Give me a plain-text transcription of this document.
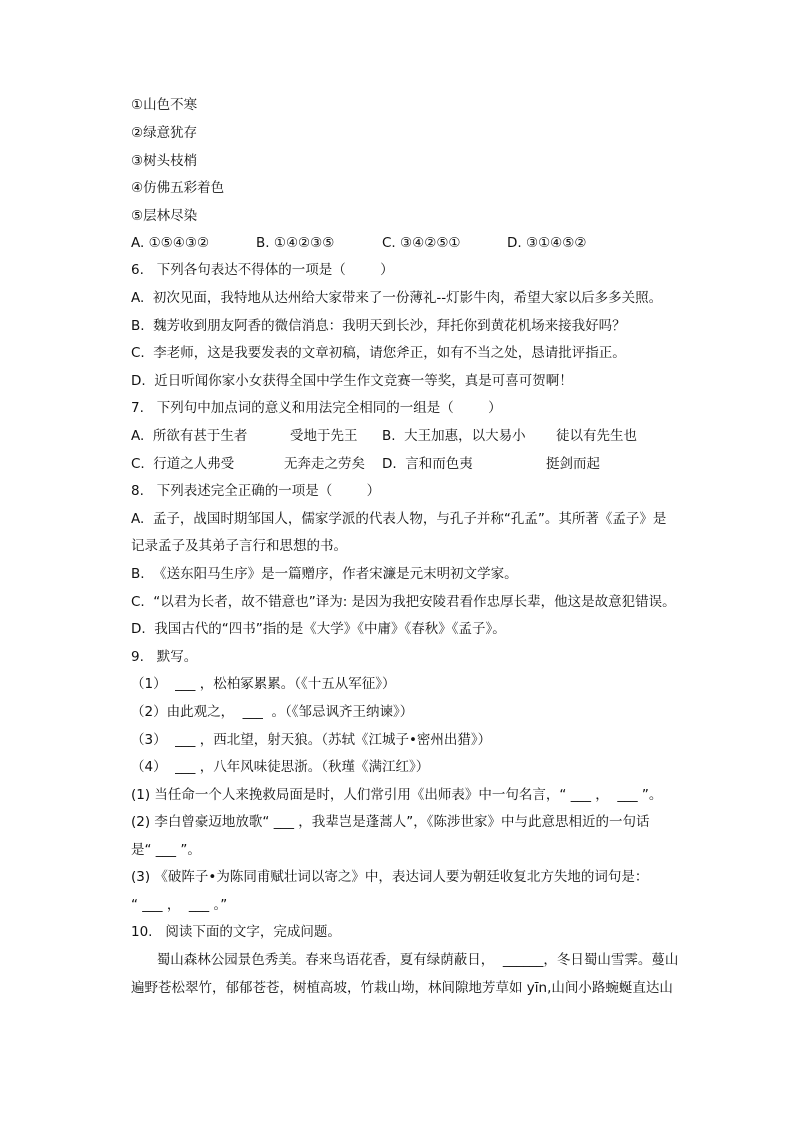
①山色不寒
②绿意犹存
③树头枝梢
④仿佛五彩着色
⑤层林尽染
A. ①⑤④③②	B. ①④②③⑤	C. ③④②⑤①	D. ③①④⑤②
6.   下列各句表达不得体的一项是（        ）
A.  初次见面，我特地从达州给大家带来了一份薄礼--灯影牛肉，希望大家以后多多关照。
B.  魏芳收到朋友阿香的微信消息：我明天到长沙，拜托你到黄花机场来接我好吗？
C.  李老师，这是我要发表的文章初稿，请您斧正，如有不当之处，恳请批评指正。
D.  近日听闻你家小女获得全国中学生作文竞赛一等奖，真是可喜可贺啊！
7.   下列句中加点词的意义和用法完全相同的一组是（        ）
A.  所欲有甚于生者	受地于先王 B.  大王加惠，以大易小 徒以有先生也
C.  行道之人弗受	无奔走之劳矣 D.  言和而色夷	挺剑而起
8.   下列表述完全正确的一项是（        ）
A.  孟子，战国时期邹国人，儒家学派的代表人物，与孔子并称“孔孟”。其所著《孟子》是
记录孟子及其弟子言行和思想的书。
B.  《送东阳马生序》是一篇赠序，作者宋濂是元末明初文学家。
C.  “以君为长者，故不错意也”译为: 是因为我把安陵君看作忠厚长辈，他这是故意犯错误。
D.  我国古代的“四书”指的是《大学》《中庸》《春秋》《孟子》。
9.   默写。
（1）  ___ ，松柏冢累累。（《十五从军征》）
（2）由此观之，  ___  。（《邹忌讽齐王纳谏》）
（3）  ___ ，西北望，射天狼。（苏轼《江城子•密州出猎》）
（4）  ___ ，八年风味徒思浙。（秋瑾《满江红》）
(1) 当任命一个人来挽救局面是时，人们常引用《出师表》中一句名言，“ ___ ，  ___ ”。
(2) 李白曾豪迈地放歌“ ___ ，我辈岂是蓬蒿人”，《陈涉世家》中与此意思相近的一句话
是“ ___ ”。
(3) 《破阵子•为陈同甫赋壮词以寄之》中，表达词人要为朝廷收复北方失地的词句是：
“ ___ ，  ___ 。”
10.   阅读下面的文字，完成问题。
蜀山森林公园景色秀美。春来鸟语花香，夏有绿荫蔽日，  ______，冬日蜀山雪霁。蔓山
遍野苍松翠竹，郁郁苍苍，树植高坡，竹栽山坳，林间隙地芳草如 yīn,山间小路蜿蜒直达山
